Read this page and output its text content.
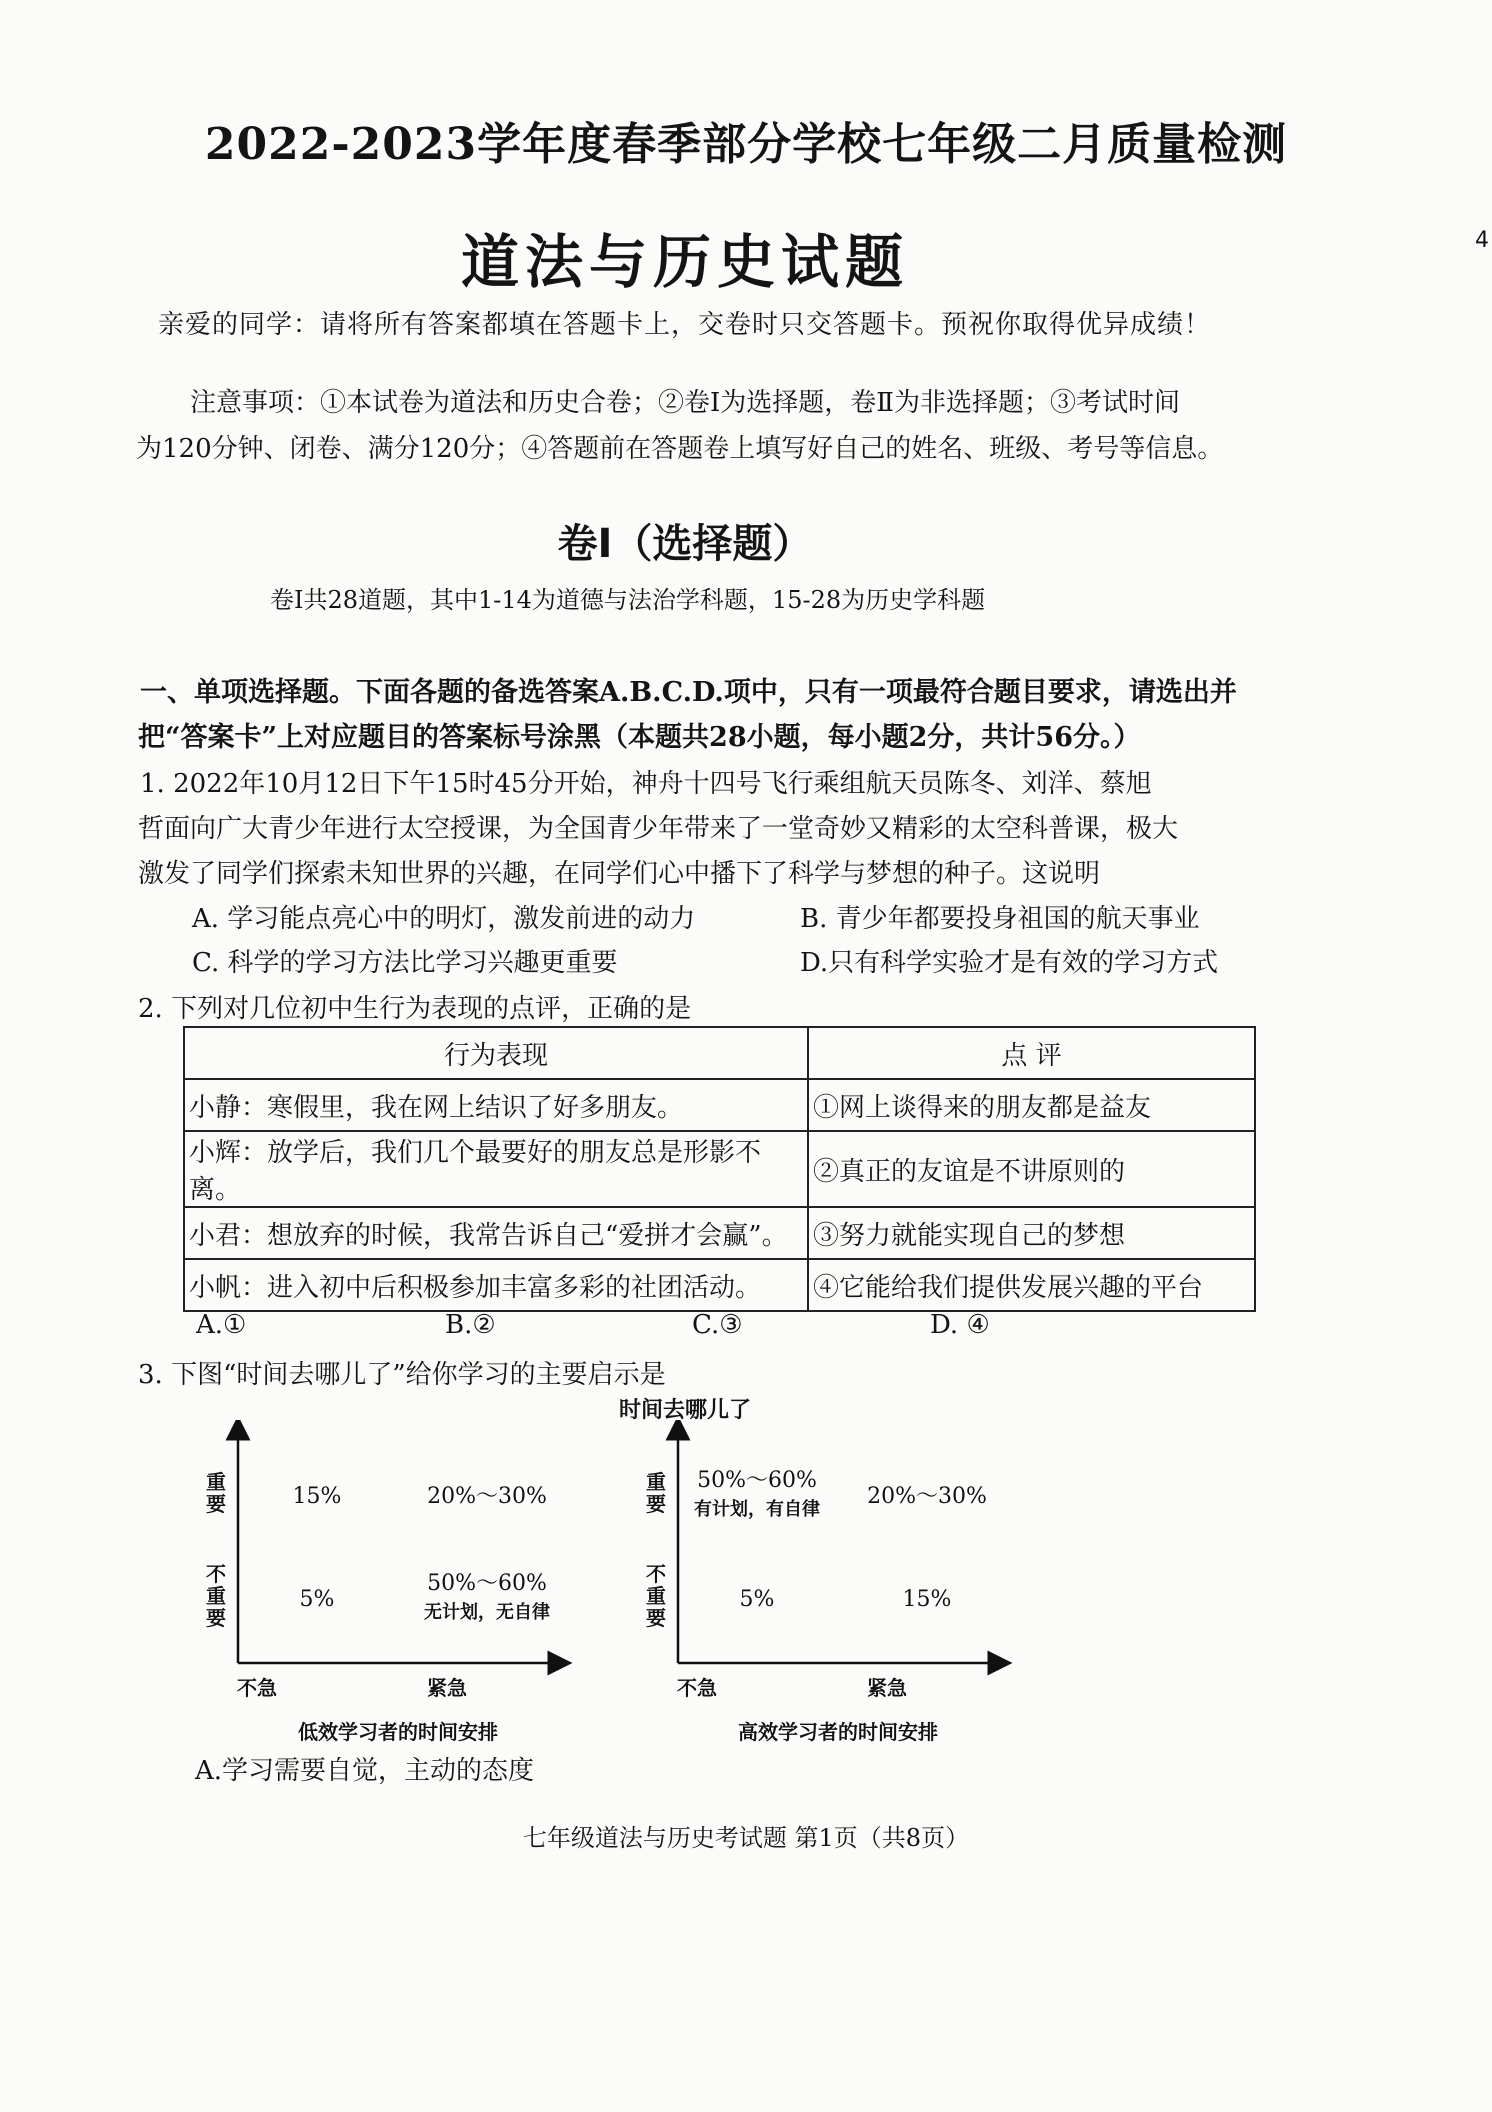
2022-2023学年度春季部分学校七年级二月质量检测
道法与历史试题	4
亲爱的同学：请将所有答案都填在答题卡上，交卷时只交答题卡。预祝你取得优异成绩！
注意事项：①本试卷为道法和历史合卷；②卷Ⅰ为选择题，卷Ⅱ为非选择题；③考试时间
为120分钟、闭卷、满分120分；④答题前在答题卷上填写好自己的姓名、班级、考号等信息。
卷Ⅰ（选择题）
卷Ⅰ共28道题，其中1-14为道德与法治学科题，15-28为历史学科题
一、单项选择题。下面各题的备选答案A.B.C.D.项中，只有一项最符合题目要求，请选出并
把“答案卡”上对应题目的答案标号涂黑（本题共28小题，每小题2分，共计56分。）
1. 2022年10月12日下午15时45分开始，神舟十四号飞行乘组航天员陈冬、刘洋、蔡旭
哲面向广大青少年进行太空授课，为全国青少年带来了一堂奇妙又精彩的太空科普课，极大
激发了同学们探索未知世界的兴趣，在同学们心中播下了科学与梦想的种子。这说明
A. 学习能点亮心中的明灯，激发前进的动力	B. 青少年都要投身祖国的航天事业
C. 科学的学习方法比学习兴趣更重要	D.只有科学实验才是有效的学习方式
2. 下列对几位初中生行为表现的点评，正确的是
行为表现	点 评
小静：寒假里，我在网上结识了好多朋友。	①网上谈得来的朋友都是益友
小辉：放学后，我们几个最要好的朋友总是形影不离。	②真正的友谊是不讲原则的
小君：想放弃的时候，我常告诉自己“爱拼才会赢”。	③努力就能实现自己的梦想
小帆：进入初中后积极参加丰富多彩的社团活动。	④它能给我们提供发展兴趣的平台
A.①	B.②	C.③	D. ④
3. 下图“时间去哪儿了”给你学习的主要启示是
时间去哪儿了
重要
不重要
不急	紧急
低效学习者的时间安排
15%	20%～30%
5%
50%～60%
无计划，无自律
重要
不重要
不急	紧急
高效学习者的时间安排
50%～60%
有计划，有自律
20%～30%
5%	15%
A.学习需要自觉，主动的态度
七年级道法与历史考试题 第1页（共8页）
